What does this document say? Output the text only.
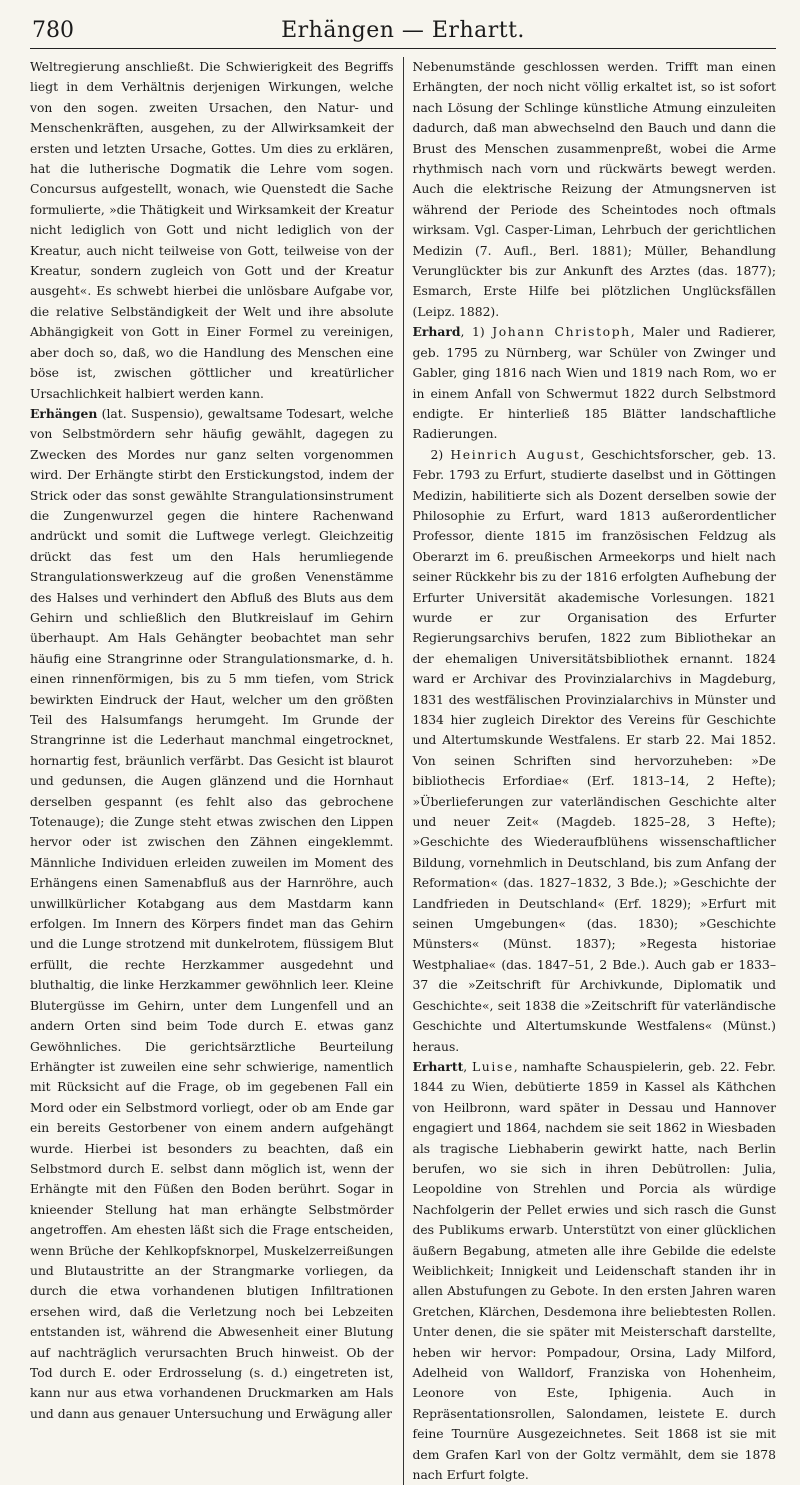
780	Erhängen — Erhartt.

Weltregierung anschließt. Die Schwierigkeit des Begriffs liegt in dem Verhältnis derjenigen Wirkungen, welche von den sogen. zweiten Ursachen, den Natur- und Menschenkräften, ausgehen, zu der Allwirksamkeit der ersten und letzten Ursache, Gottes. Um dies zu erklären, hat die lutherische Dogmatik die Lehre vom sogen. Concursus aufgestellt, wonach, wie Quenstedt die Sache formulierte, »die Thätigkeit und Wirksamkeit der Kreatur nicht lediglich von Gott und nicht lediglich von der Kreatur, auch nicht teilweise von Gott, teilweise von der Kreatur, sondern zugleich von Gott und der Kreatur ausgeht«. Es schwebt hierbei die unlösbare Aufgabe vor, die relative Selbständigkeit der Welt und ihre absolute Abhängigkeit von Gott in Einer Formel zu vereinigen, aber doch so, daß, wo die Handlung des Menschen eine böse ist, zwischen göttlicher und kreatürlicher Ursachlichkeit halbiert werden kann.

Erhängen (lat. Suspensio), gewaltsame Todesart, welche von Selbstmördern sehr häufig gewählt, dagegen zu Zwecken des Mordes nur ganz selten vorgenommen wird. Der Erhängte stirbt den Erstickungstod, indem der Strick oder das sonst gewählte Strangulationsinstrument die Zungenwurzel gegen die hintere Rachenwand andrückt und somit die Luftwege verlegt. Gleichzeitig drückt das fest um den Hals herumliegende Strangulationswerkzeug auf die großen Venenstämme des Halses und verhindert den Abfluß des Bluts aus dem Gehirn und schließlich den Blutkreislauf im Gehirn überhaupt. Am Hals Gehängter beobachtet man sehr häufig eine Strangrinne oder Strangulationsmarke, d. h. einen rinnenförmigen, bis zu 5 mm tiefen, vom Strick bewirkten Eindruck der Haut, welcher um den größten Teil des Halsumfangs herumgeht. Im Grunde der Strangrinne ist die Lederhaut manchmal eingetrocknet, hornartig fest, bräunlich verfärbt. Das Gesicht ist blaurot und gedunsen, die Augen glänzend und die Hornhaut derselben gespannt (es fehlt also das gebrochene Totenauge); die Zunge steht etwas zwischen den Lippen hervor oder ist zwischen den Zähnen eingeklemmt. Männliche Individuen erleiden zuweilen im Moment des Erhängens einen Samenabfluß aus der Harnröhre, auch unwillkürlicher Kotabgang aus dem Mastdarm kann erfolgen. Im Innern des Körpers findet man das Gehirn und die Lunge strotzend mit dunkelrotem, flüssigem Blut erfüllt, die rechte Herzkammer ausgedehnt und bluthaltig, die linke Herzkammer gewöhnlich leer. Kleine Blutergüsse im Gehirn, unter dem Lungenfell und an andern Orten sind beim Tode durch E. etwas ganz Gewöhnliches. Die gerichtsärztliche Beurteilung Erhängter ist zuweilen eine sehr schwierige, namentlich mit Rücksicht auf die Frage, ob im gegebenen Fall ein Mord oder ein Selbstmord vorliegt, oder ob am Ende gar ein bereits Gestorbener von einem andern aufgehängt wurde. Hierbei ist besonders zu beachten, daß ein Selbstmord durch E. selbst dann möglich ist, wenn der Erhängte mit den Füßen den Boden berührt. Sogar in knieender Stellung hat man erhängte Selbstmörder angetroffen. Am ehesten läßt sich die Frage entscheiden, wenn Brüche der Kehlkopfsknorpel, Muskelzerreißungen und Blutaustritte an der Strangmarke vorliegen, da durch die etwa vorhandenen blutigen Infiltrationen ersehen wird, daß die Verletzung noch bei Lebzeiten entstanden ist, während die Abwesenheit einer Blutung auf nachträglich verursachten Bruch hinweist. Ob der Tod durch E. oder Erdrosselung (s. d.) eingetreten ist, kann nur aus etwa vorhandenen Druckmarken am Hals und dann aus genauer Untersuchung und Erwägung aller

Nebenumstände geschlossen werden. Trifft man einen Erhängten, der noch nicht völlig erkaltet ist, so ist sofort nach Lösung der Schlinge künstliche Atmung einzuleiten dadurch, daß man abwechselnd den Bauch und dann die Brust des Menschen zusammenpreßt, wobei die Arme rhythmisch nach vorn und rückwärts bewegt werden. Auch die elektrische Reizung der Atmungsnerven ist während der Periode des Scheintodes noch oftmals wirksam. Vgl. Casper-Liman, Lehrbuch der gerichtlichen Medizin (7. Aufl., Berl. 1881); Müller, Behandlung Verunglückter bis zur Ankunft des Arztes (das. 1877); Esmarch, Erste Hilfe bei plötzlichen Unglücksfällen (Leipz. 1882).

Erhard, 1) Johann Christoph, Maler und Radierer, geb. 1795 zu Nürnberg, war Schüler von Zwinger und Gabler, ging 1816 nach Wien und 1819 nach Rom, wo er in einem Anfall von Schwermut 1822 durch Selbstmord endigte. Er hinterließ 185 Blätter landschaftliche Radierungen.

2) Heinrich August, Geschichtsforscher, geb. 13. Febr. 1793 zu Erfurt, studierte daselbst und in Göttingen Medizin, habilitierte sich als Dozent derselben sowie der Philosophie zu Erfurt, ward 1813 außerordentlicher Professor, diente 1815 im französischen Feldzug als Oberarzt im 6. preußischen Armeekorps und hielt nach seiner Rückkehr bis zu der 1816 erfolgten Aufhebung der Erfurter Universität akademische Vorlesungen. 1821 wurde er zur Organisation des Erfurter Regierungsarchivs berufen, 1822 zum Bibliothekar an der ehemaligen Universitätsbibliothek ernannt. 1824 ward er Archivar des Provinzialarchivs in Magdeburg, 1831 des westfälischen Provinzialarchivs in Münster und 1834 hier zugleich Direktor des Vereins für Geschichte und Altertumskunde Westfalens. Er starb 22. Mai 1852. Von seinen Schriften sind hervorzuheben: »De bibliothecis Erfordiae« (Erf. 1813–14, 2 Hefte); »Überlieferungen zur vaterländischen Geschichte alter und neuer Zeit« (Magdeb. 1825–28, 3 Hefte); »Geschichte des Wiederaufblühens wissenschaftlicher Bildung, vornehmlich in Deutschland, bis zum Anfang der Reformation« (das. 1827–1832, 3 Bde.); »Geschichte der Landfrieden in Deutschland« (Erf. 1829); »Erfurt mit seinen Umgebungen« (das. 1830); »Geschichte Münsters« (Münst. 1837); »Regesta historiae Westphaliae« (das. 1847–51, 2 Bde.). Auch gab er 1833–37 die »Zeitschrift für Archivkunde, Diplomatik und Geschichte«, seit 1838 die »Zeitschrift für vaterländische Geschichte und Altertumskunde Westfalens« (Münst.) heraus.

Erhartt, Luise, namhafte Schauspielerin, geb. 22. Febr. 1844 zu Wien, debütierte 1859 in Kassel als Käthchen von Heilbronn, ward später in Dessau und Hannover engagiert und 1864, nachdem sie seit 1862 in Wiesbaden als tragische Liebhaberin gewirkt hatte, nach Berlin berufen, wo sie sich in ihren Debütrollen: Julia, Leopoldine von Strehlen und Porcia als würdige Nachfolgerin der Pellet erwies und sich rasch die Gunst des Publikums erwarb. Unterstützt von einer glücklichen äußern Begabung, atmeten alle ihre Gebilde die edelste Weiblichkeit; Innigkeit und Leidenschaft standen ihr in allen Abstufungen zu Gebote. In den ersten Jahren waren Gretchen, Klärchen, Desdemona ihre beliebtesten Rollen. Unter denen, die sie später mit Meisterschaft darstellte, heben wir hervor: Pompadour, Orsina, Lady Milford, Adelheid von Walldorf, Franziska von Hohenheim, Leonore von Este, Iphigenia. Auch in Repräsentationsrollen, Salondamen, leistete E. durch feine Tournüre Ausgezeichnetes. Seit 1868 ist sie mit dem Grafen Karl von der Goltz vermählt, dem sie 1878 nach Erfurt folgte.
